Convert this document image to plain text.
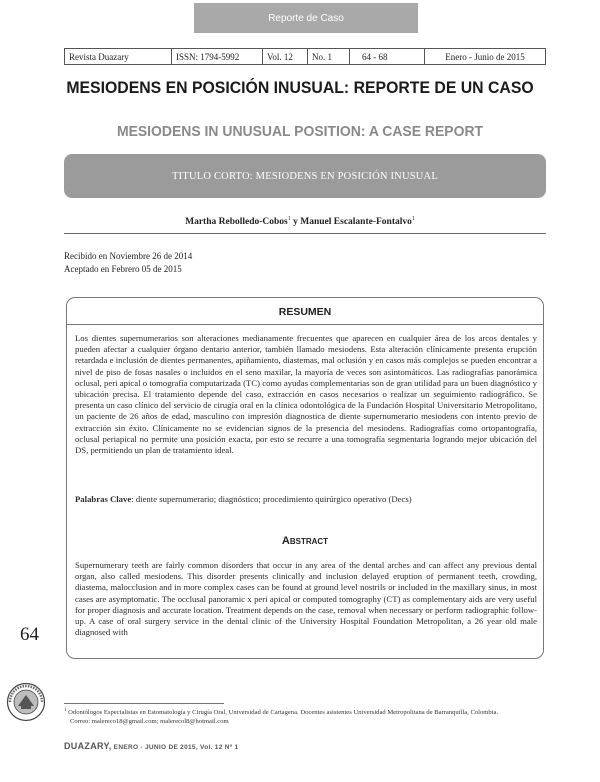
Reporte de Caso
Revista Duazary	ISSN: 1794-5992	Vol. 12	No. 1	64 - 68	Enero - Junio de 2015
MESIODENS EN POSICIÓN INUSUAL: REPORTE DE UN CASO
MESIODENS IN UNUSUAL POSITION: A CASE REPORT
TITULO CORTO: MESIODENS EN POSICIÓN INUSUAL
Martha Rebolledo-Cobos$^1$ y Manuel Escalante-Fontalvo$^1$
Recibido en Noviembre 26 de 2014
Aceptado en Febrero 05 de 2015
RESUMEN
Los dientes supernumerarios son alteraciones medianamente frecuentes que aparecen en cualquier área de los arcos dentales y pueden afectar a cualquier órgano dentario anterior, también llamado mesiodens. Esta alteración clínicamente presenta erupción retardada e inclusión de dientes permanentes, apiñamiento, diastemas, mal oclusión y en casos más complejos se pueden encontrar a nivel de piso de fosas nasales o incluidos en el seno maxilar, la mayoría de veces son asintomáticos. Las radiografías panorámica oclusal, peri apical o tomografía computarizada (TC) como ayudas complementarias son de gran utilidad para un buen diagnóstico y ubicación precisa. El tratamiento depende del caso, extracción en casos necesarios o realizar un seguimiento radiográfico. Se presenta un caso clínico del servicio de cirugía oral en la clínica odontológica de la Fundación Hospital Universitario Metropolitano, un paciente de 26 años de edad, masculino con impresión diagnostica de diente supernumerario mesiodens con intento previo de extracción sin éxito. Clínicamente no se evidencian signos de la presencia del mesiodens. Radiografías como ortopantografía, oclusal periapical no permite una posición exacta, por esto se recurre a una tomografía segmentaria logrando mejor ubicación del DS, permitiendo un plan de tratamiento ideal.
Palabras Clave: diente supernumerario; diagnóstico; procedimiento quirúrgico operativo (Decs)
Abstract
Supernumerary teeth are fairly common disorders that occur in any area of the dental arches and can affect any previous dental organ, also called mesiodens. This disorder presents clinically and inclusion delayed eruption of permanent teeth, crowding, diastema, malocclusion and in more complex cases can be found at ground level nostrils or included in the maxillary sinus, in most cases are asymptomatic. The occlusal panoramic x peri apical or computed tomography (CT) as complementary aids are very useful for proper diagnosis and accurate location. Treatment depends on the case, removal when necessary or perform radiographic follow-up. A case of oral surgery service in the dental clinic of the University Hospital Foundation Metropolitan, a 26 year old male diagnosed with
64
$^1$ Odontólogos Especialistas en Estomatología y Cirugía Oral, Universidad de Cartagena. Docentes asistentes Universidad Metropolitana de Barranquilla, Colombia.
Correo: malereco18@gmail.com; malerecol8@hotmail.com
DUAZARY, ENERO - JUNIO DE 2015, Vol. 12 Nº 1
